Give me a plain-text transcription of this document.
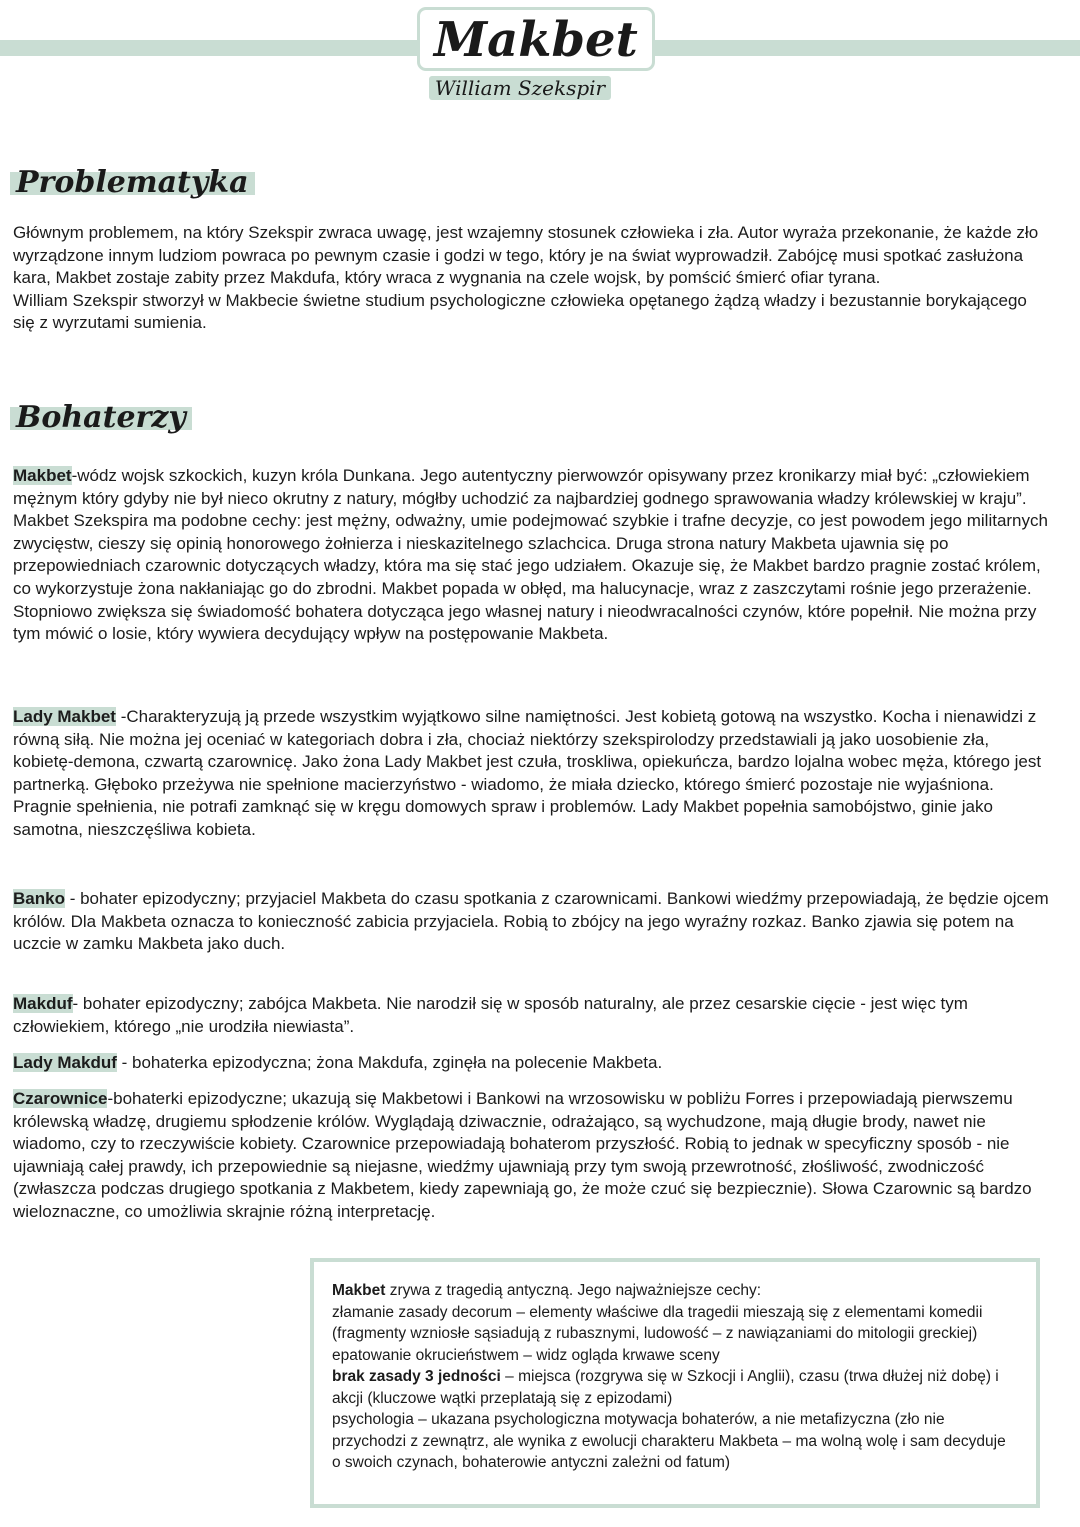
Makbet
William Szekspir
Problematyka

Głównym problemem, na który Szekspir zwraca uwagę, jest wzajemny stosunek człowieka i zła. Autor wyraża przekonanie, że każde zło wyrządzone innym ludziom powraca po pewnym czasie i godzi w tego, który je na świat wyprowadził. Zabójcę musi spotkać zasłużona kara, Makbet zostaje zabity przez Makdufa, który wraca z wygnania na czele wojsk, by pomścić śmierć ofiar tyrana.

William Szekspir stworzył w Makbecie świetne studium psychologiczne człowieka opętanego żądzą władzy i bezustannie borykającego się z wyrzutami sumienia.

Bohaterzy

Makbet-wódz wojsk szkockich, kuzyn króla Dunkana. Jego autentyczny pierwowzór opisywany przez kronikarzy miał być: „człowiekiem mężnym który gdyby nie był nieco okrutny z natury, mógłby uchodzić za najbardziej godnego sprawowania władzy królewskiej w kraju”. Makbet Szekspira ma podobne cechy: jest mężny, odważny, umie podejmować szybkie i trafne decyzje, co jest powodem jego militarnych zwycięstw, cieszy się opinią honorowego żołnierza i nieskazitelnego szlachcica. Druga strona natury Makbeta ujawnia się po przepowiedniach czarownic dotyczących władzy, która ma się stać jego udziałem. Okazuje się, że Makbet bardzo pragnie zostać królem, co wykorzystuje żona nakłaniając go do zbrodni. Makbet popada w obłęd, ma halucynacje, wraz z zaszczytami rośnie jego przerażenie. Stopniowo zwiększa się świadomość bohatera dotycząca jego własnej natury i nieodwracalności czynów, które popełnił. Nie można przy tym mówić o losie, który wywiera decydujący wpływ na postępowanie Makbeta.

Lady Makbet -Charakteryzują ją przede wszystkim wyjątkowo silne namiętności. Jest kobietą gotową na wszystko. Kocha i nienawidzi z równą siłą. Nie można jej oceniać w kategoriach dobra i zła, chociaż niektórzy szekspirolodzy przedstawiali ją jako uosobienie zła, kobietę-demona, czwartą czarownicę. Jako żona Lady Makbet jest czuła, troskliwa, opiekuńcza, bardzo lojalna wobec męża, którego jest partnerką. Głęboko przeżywa nie spełnione macierzyństwo - wiadomo, że miała dziecko, którego śmierć pozostaje nie wyjaśniona. Pragnie spełnienia, nie potrafi zamknąć się w kręgu domowych spraw i problemów. Lady Makbet popełnia samobójstwo, ginie jako samotna, nieszczęśliwa kobieta.

Banko - bohater epizodyczny; przyjaciel Makbeta do czasu spotkania z czarownicami. Bankowi wiedźmy przepowiadają, że będzie ojcem królów. Dla Makbeta oznacza to konieczność zabicia przyjaciela. Robią to zbójcy na jego wyraźny rozkaz. Banko zjawia się potem na uczcie w zamku Makbeta jako duch.

Makduf- bohater epizodyczny; zabójca Makbeta. Nie narodził się w sposób naturalny, ale przez cesarskie cięcie - jest więc tym człowiekiem, którego „nie urodziła niewiasta”.

Lady Makduf - bohaterka epizodyczna; żona Makdufa, zginęła na polecenie Makbeta.

Czarownice-bohaterki epizodyczne; ukazują się Makbetowi i Bankowi na wrzosowisku w pobliżu Forres i przepowiadają pierwszemu królewską władzę, drugiemu spłodzenie królów. Wyglądają dziwacznie, odrażająco, są wychudzone, mają długie brody, nawet nie wiadomo, czy to rzeczywiście kobiety. Czarownice przepowiadają bohaterom przyszłość. Robią to jednak w specyficzny sposób - nie ujawniają całej prawdy, ich przepowiednie są niejasne, wiedźmy ujawniają przy tym swoją przewrotność, złośliwość, zwodniczość (zwłaszcza podczas drugiego spotkania z Makbetem, kiedy zapewniają go, że może czuć się bezpiecznie). Słowa Czarownic są bardzo wieloznaczne, co umożliwia skrajnie różną interpretację.

Makbet zrywa z tragedią antyczną. Jego najważniejsze cechy:

złamanie zasady decorum – elementy właściwe dla tragedii mieszają się z elementami komedii (fragmenty wzniosłe sąsiadują z rubasznymi, ludowość – z nawiązaniami do mitologii greckiej)

epatowanie okrucieństwem – widz ogląda krwawe sceny

brak zasady 3 jedności – miejsca (rozgrywa się w Szkocji i Anglii), czasu (trwa dłużej niż dobę) i akcji (kluczowe wątki przeplatają się z epizodami)

psychologia – ukazana psychologiczna motywacja bohaterów, a nie metafizyczna (zło nie przychodzi z zewnątrz, ale wynika z ewolucji charakteru Makbeta – ma wolną wolę i sam decyduje o swoich czynach, bohaterowie antyczni zależni od fatum)
